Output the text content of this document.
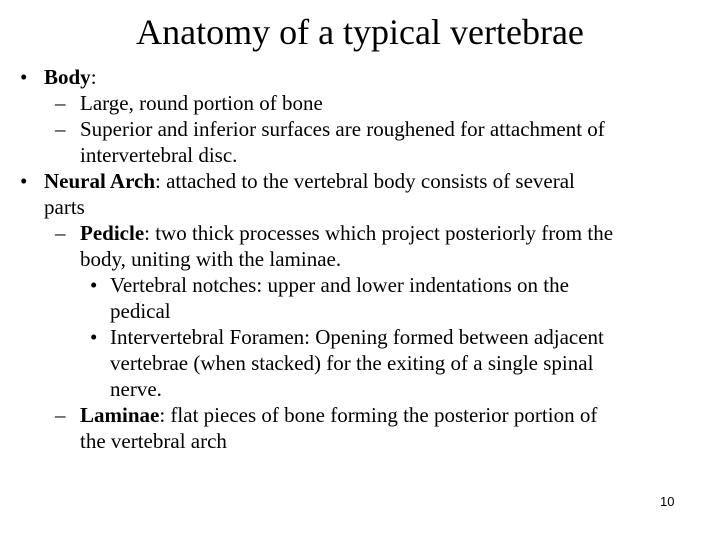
Anatomy of a typical vertebrae
• Body:
– Large, round portion of bone
– Superior and inferior surfaces are roughened for attachment of
intervertebral disc.
• Neural Arch: attached to the vertebral body consists of several
parts
– Pedicle: two thick processes which project posteriorly from the
body, uniting with the laminae.
• Vertebral notches: upper and lower indentations on the
pedical
• Intervertebral Foramen: Opening formed between adjacent
vertebrae (when stacked) for the exiting of a single spinal
nerve.
– Laminae: flat pieces of bone forming the posterior portion of
the vertebral arch
10
